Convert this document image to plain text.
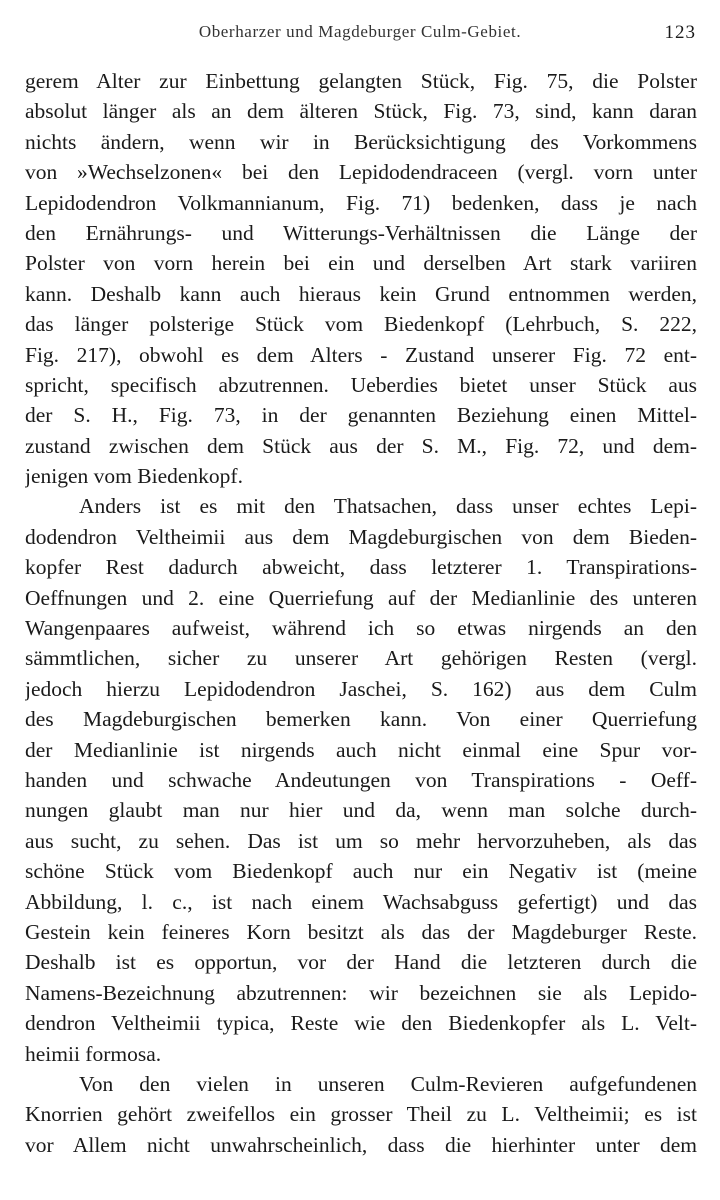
Oberharzer und Magdeburger Culm-Gebiet.	123
gerem Alter zur Einbettung gelangten Stück, Fig. 75, die Polster
absolut länger als an dem älteren Stück, Fig. 73, sind, kann daran
nichts ändern, wenn wir in Berücksichtigung des Vorkommens
von »Wechselzonen« bei den Lepidodendraceen (vergl. vorn unter
Lepidodendron Volkmannianum, Fig. 71) bedenken, dass je nach
den Ernährungs- und Witterungs-Verhältnissen die Länge der
Polster von vorn herein bei ein und derselben Art stark variiren
kann. Deshalb kann auch hieraus kein Grund entnommen werden,
das länger polsterige Stück vom Biedenkopf (Lehrbuch, S. 222,
Fig. 217), obwohl es dem Alters - Zustand unserer Fig. 72 ent-
spricht, specifisch abzutrennen. Ueberdies bietet unser Stück aus
der S. H., Fig. 73, in der genannten Beziehung einen Mittel-
zustand zwischen dem Stück aus der S. M., Fig. 72, und dem-
jenigen vom Biedenkopf.
Anders ist es mit den Thatsachen, dass unser echtes Lepi-
dodendron Veltheimii aus dem Magdeburgischen von dem Bieden-
kopfer Rest dadurch abweicht, dass letzterer 1. Transpirations-
Oeffnungen und 2. eine Querriefung auf der Medianlinie des unteren
Wangenpaares aufweist, während ich so etwas nirgends an den
sämmtlichen, sicher zu unserer Art gehörigen Resten (vergl.
jedoch hierzu Lepidodendron Jaschei, S. 162) aus dem Culm
des Magdeburgischen bemerken kann. Von einer Querriefung
der Medianlinie ist nirgends auch nicht einmal eine Spur vor-
handen und schwache Andeutungen von Transpirations - Oeff-
nungen glaubt man nur hier und da, wenn man solche durch-
aus sucht, zu sehen. Das ist um so mehr hervorzuheben, als das
schöne Stück vom Biedenkopf auch nur ein Negativ ist (meine
Abbildung, l. c., ist nach einem Wachsabguss gefertigt) und das
Gestein kein feineres Korn besitzt als das der Magdeburger Reste.
Deshalb ist es opportun, vor der Hand die letzteren durch die
Namens-Bezeichnung abzutrennen: wir bezeichnen sie als Lepido-
dendron Veltheimii typica, Reste wie den Biedenkopfer als L. Velt-
heimii formosa.
Von den vielen in unseren Culm-Revieren aufgefundenen
Knorrien gehört zweifellos ein grosser Theil zu L. Veltheimii; es ist
vor Allem nicht unwahrscheinlich, dass die hierhinter unter dem
